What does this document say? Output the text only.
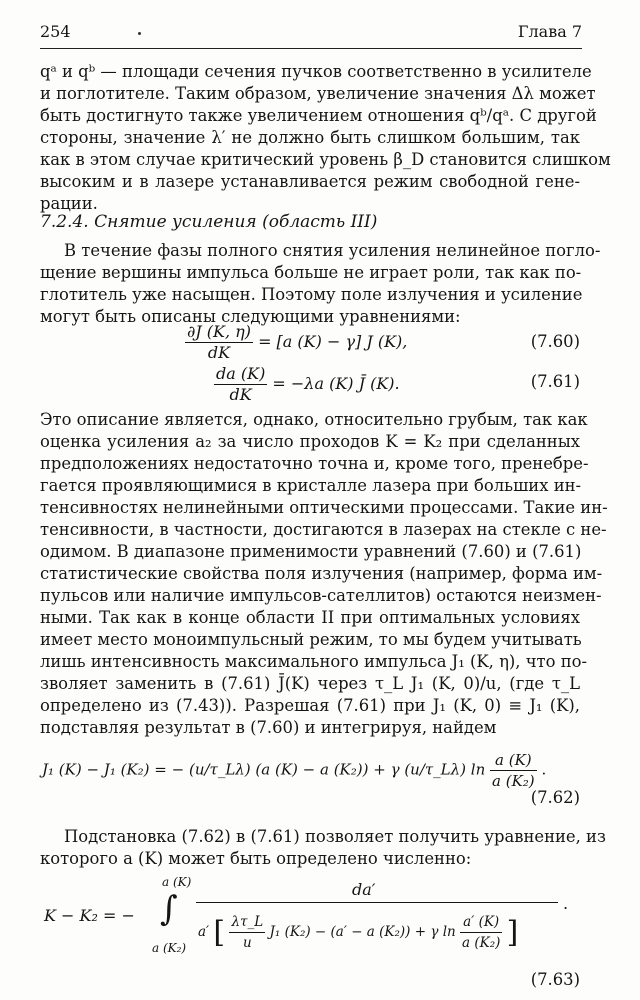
254	Глава 7
qᵃ и qᵇ — площади сечения пучков соответственно в усилителе
и поглотителе. Таким образом, увеличение значения Δλ может
быть достигнуто также увеличением отношения qᵇ/qᵃ. С другой
стороны, значение λ′ не должно быть слишком большим, так
как в этом случае критический уровень β_D становится слишком
высоким и в лазере устанавливается режим свободной гене-
рации.
7.2.4. Снятие усиления (область III)
В течение фазы полного снятия усиления нелинейное погло-
щение вершины импульса больше не играет роли, так как по-
глотитель уже насыщен. Поэтому поле излучения и усиление
могут быть описаны следующими уравнениями:
$\frac{\partial J (K, \eta)}{dK} = [a$ (K) − γ] J (K),	(7.60)
$\frac{da (K)}{dK} = -\lambda a$ (K) J̄ (K).	(7.61)
Это описание является, однако, относительно грубым, так как
оценка усиления a₂ за число проходов K = K₂ при сделанных
предположениях недостаточно точна и, кроме того, пренебре-
гается проявляющимися в кристалле лазера при больших ин-
тенсивностях нелинейными оптическими процессами. Такие ин-
тенсивности, в частности, достигаются в лазерах на стекле с не-
одимом. В диапазоне применимости уравнений (7.60) и (7.61)
статистические свойства поля излучения (например, форма им-
пульсов или наличие импульсов-сателлитов) остаются неизмен-
ными. Так как в конце области II при оптимальных условиях
имеет место моноимпульсный режим, то мы будем учитывать
лишь интенсивность максимального импульса J₁ (K, η), что по-
зволяет заменить в (7.61) J̄(K) через τ_L J₁ (K, 0)/u, (где τ_L
определено из (7.43)). Разрешая (7.61) при J₁ (K, 0) ≡ J₁ (K),
подставляя результат в (7.60) и интегрируя, найдем
J₁ (K) − J₁ (K₂) = − (u/τ_Lλ) (a (K) − a (K₂)) + γ (u/τ_Lλ) $\ln \frac{a (K)}{\text{a (K₂)}}$ .
(7.62)
Подстановка (7.62) в (7.61) позволяет получить уравнение, из
которого a (K) может быть определено численно:
K − K₂ = −
a (K)
∫
a (K₂)
da′
a′ [ $\frac{\lambda\tau\_L}{u} J_1$ (K₂) − (a′ − a (K₂)) + γ $\ln \frac{a' (K)}{\text{a (K₂)}}$ ]
.
(7.63)
